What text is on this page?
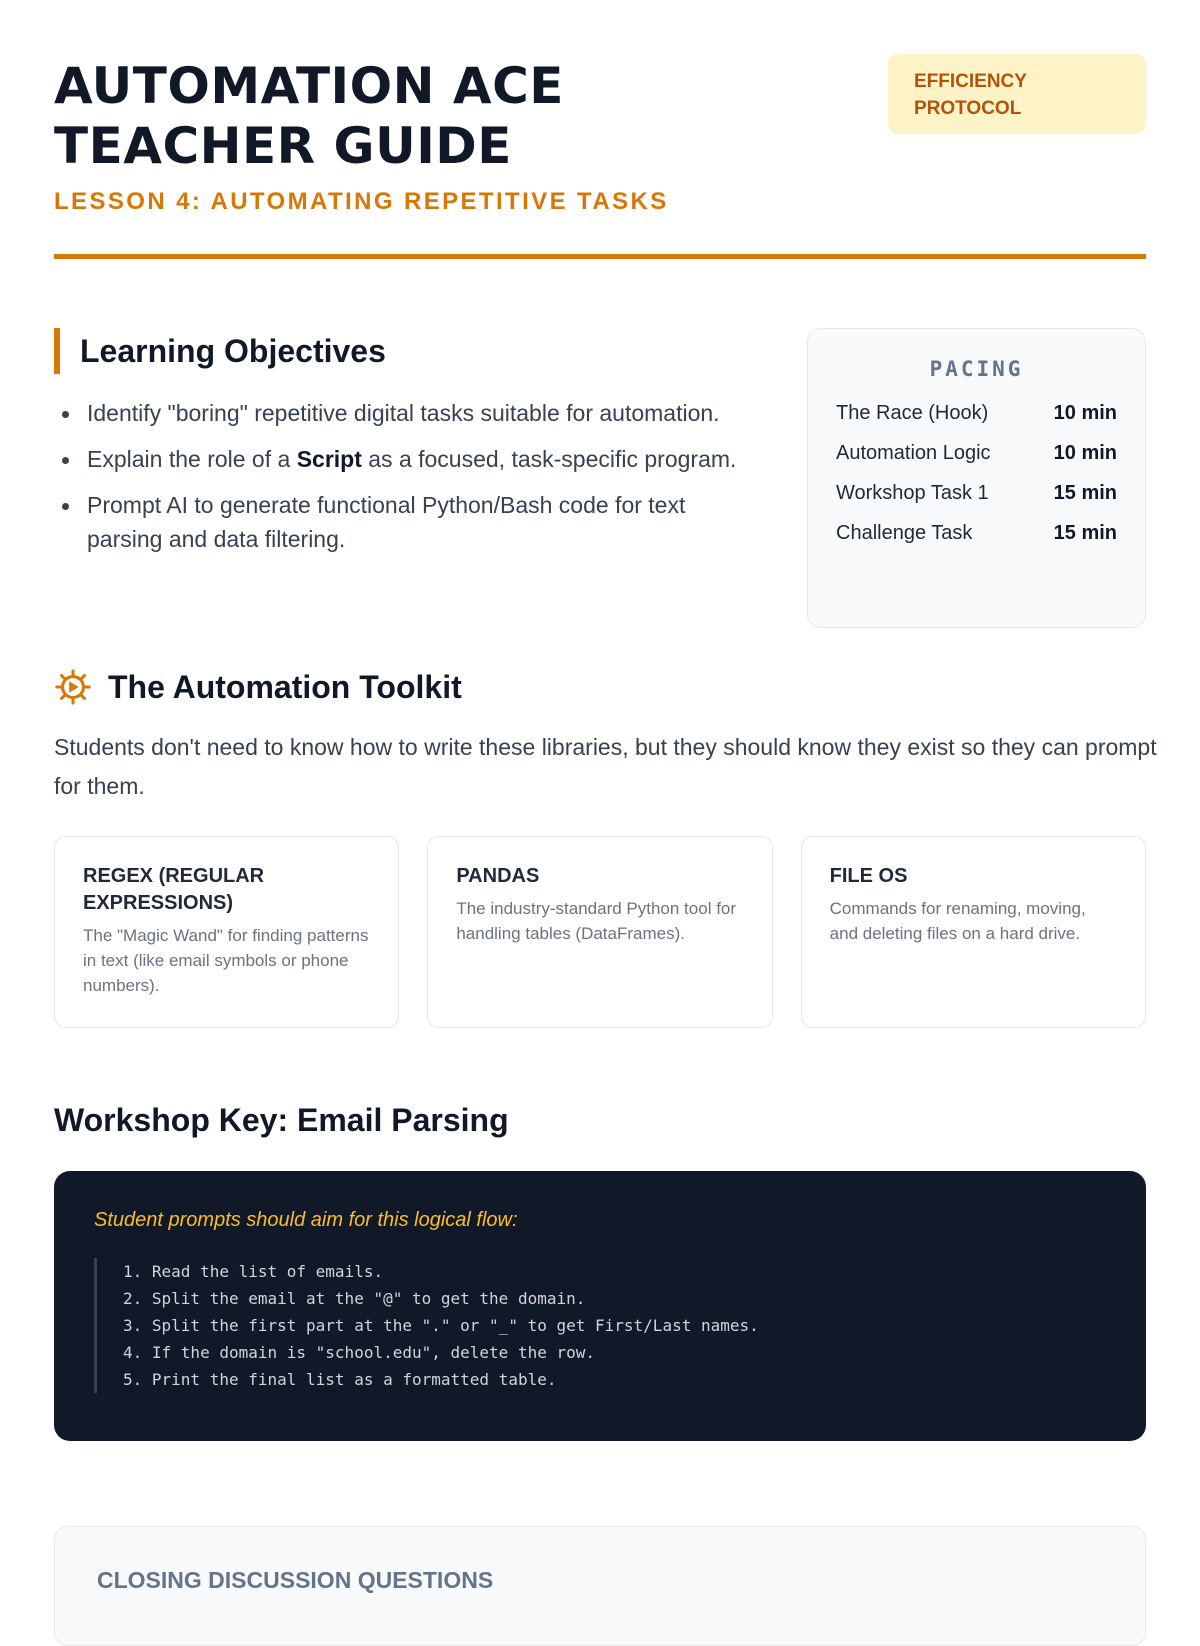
AUTOMATION ACE TEACHER GUIDE
EFFICIENCY PROTOCOL
LESSON 4: AUTOMATING REPETITIVE TASKS
Learning Objectives
Identify "boring" repetitive digital tasks suitable for automation.
Explain the role of a Script as a focused, task-specific program.
Prompt AI to generate functional Python/Bash code for text parsing and data filtering.
PACING
The Race (Hook)	10 min
Automation Logic	10 min
Workshop Task 1	15 min
Challenge Task	15 min
The Automation Toolkit

Students don't need to know how to write these libraries, but they should know they exist so they can prompt for them.

REGEX (REGULAR EXPRESSIONS)
The "Magic Wand" for finding patterns in text (like email symbols or phone numbers).
PANDAS
The industry-standard Python tool for handling tables (DataFrames).
FILE OS
Commands for renaming, moving, and deleting files on a hard drive.
Workshop Key: Email Parsing
Student prompts should aim for this logical flow:
1. Read the list of emails.
2. Split the email at the "@" to get the domain.
3. Split the first part at the "." or "_" to get First/Last names.
4. If the domain is "school.edu", delete the row.
5. Print the final list as a formatted table.
CLOSING DISCUSSION QUESTIONS
